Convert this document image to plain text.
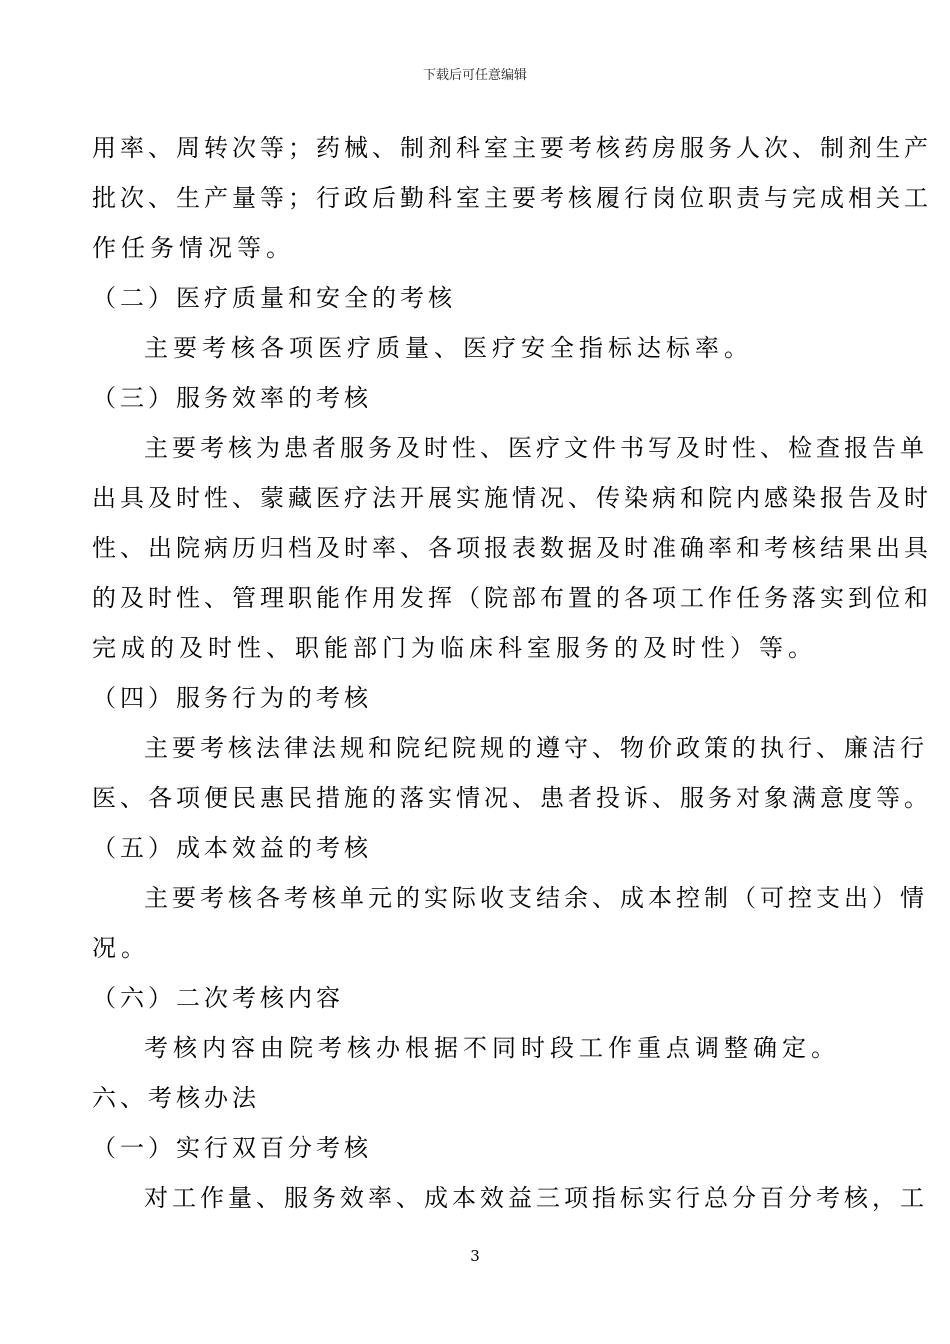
下载后可任意编辑
用率、周转次等；药械、制剂科室主要考核药房服务人次、制剂生产
批次、生产量等；行政后勤科室主要考核履行岗位职责与完成相关工
作任务情况等。
（二）医疗质量和安全的考核
主要考核各项医疗质量、医疗安全指标达标率。
（三）服务效率的考核
主要考核为患者服务及时性、医疗文件书写及时性、检查报告单
出具及时性、蒙藏医疗法开展实施情况、传染病和院内感染报告及时
性、出院病历归档及时率、各项报表数据及时准确率和考核结果出具
的及时性、管理职能作用发挥（院部布置的各项工作任务落实到位和
完成的及时性、职能部门为临床科室服务的及时性）等。
（四）服务行为的考核
主要考核法律法规和院纪院规的遵守、物价政策的执行、廉洁行
医、各项便民惠民措施的落实情况、患者投诉、服务对象满意度等。
（五）成本效益的考核
主要考核各考核单元的实际收支结余、成本控制（可控支出）情
况。
（六）二次考核内容
考核内容由院考核办根据不同时段工作重点调整确定。
六、考核办法
（一）实行双百分考核
对工作量、服务效率、成本效益三项指标实行总分百分考核，工
3
